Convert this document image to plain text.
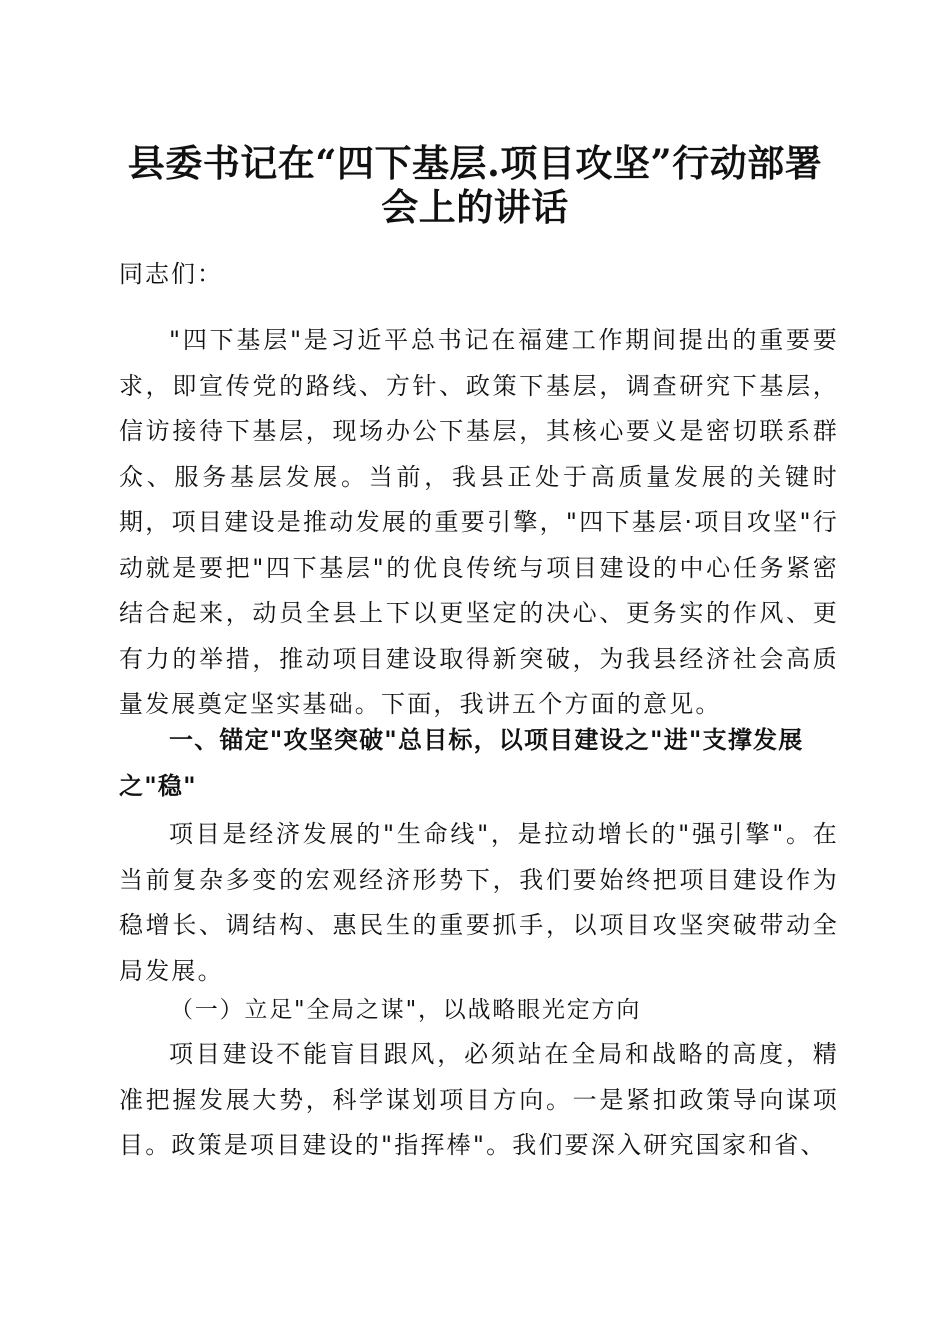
县委书记在“四下基层.项目攻坚”行动部署
会上的讲话
同志们：
"四下基层"是习近平总书记在福建工作期间提出的重要要求，即宣传党的路线、方针、政策下基层，调查研究下基层，信访接待下基层，现场办公下基层，其核心要义是密切联系群众、服务基层发展。当前，我县正处于高质量发展的关键时期，项目建设是推动发展的重要引擎，"四下基层·项目攻坚"行动就是要把"四下基层"的优良传统与项目建设的中心任务紧密结合起来，动员全县上下以更坚定的决心、更务实的作风、更有力的举措，推动项目建设取得新突破，为我县经济社会高质量发展奠定坚实基础。下面，我讲五个方面的意见。
一、锚定"攻坚突破"总目标，以项目建设之"进"支撑发展之"稳"
项目是经济发展的"生命线"，是拉动增长的"强引擎"。在当前复杂多变的宏观经济形势下，我们要始终把项目建设作为稳增长、调结构、惠民生的重要抓手，以项目攻坚突破带动全局发展。
（一）立足"全局之谋"，以战略眼光定方向
项目建设不能盲目跟风，必须站在全局和战略的高度，精准把握发展大势，科学谋划项目方向。一是紧扣政策导向谋项目。政策是项目建设的"指挥棒"。我们要深入研究国家和省、
